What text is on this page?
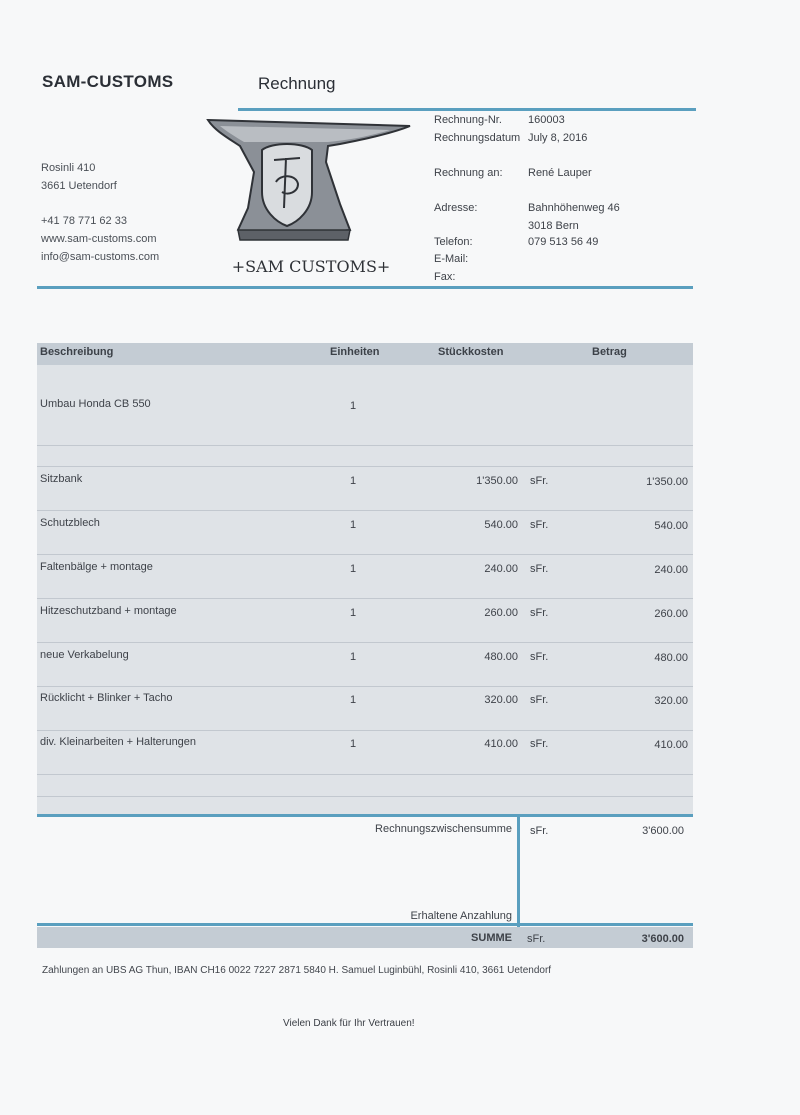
SAM-CUSTOMS	Rechnung
Rosinli 410
3661 Uetendorf
+41 78 771 62 33
www.sam-customs.com
info@sam-customs.com	+SAM CUSTOMS+
Rechnung-Nr. 160003
Rechnungsdatum July 8, 2016
Rechnung an: René Lauper
Adresse:	Bahnhöhenweg 46
3018 Bern
Telefon:	079 513 56 49
E-Mail:
Fax:
Beschreibung	Einheiten	Stückkosten	Betrag
Umbau Honda CB 550	1
Sitzbank	1	1'350.00 sFr.	1'350.00
Schutzblech	1	540.00 sFr.	540.00
Faltenbälge + montage	1	240.00 sFr.	240.00
Hitzeschutzband + montage	1	260.00 sFr.	260.00
neue Verkabelung	1	480.00 sFr.	480.00
Rücklicht + Blinker + Tacho	1	320.00 sFr.	320.00
div. Kleinarbeiten + Halterungen	1	410.00 sFr.	410.00
Rechnungszwischensumme sFr.	3'600.00
Erhaltene Anzahlung
SUMME sFr.	3'600.00
Zahlungen an UBS AG Thun, IBAN CH16 0022 7227 2871 5840 H. Samuel Luginbühl, Rosinli 410, 3661 Uetendorf
Vielen Dank für Ihr Vertrauen!
